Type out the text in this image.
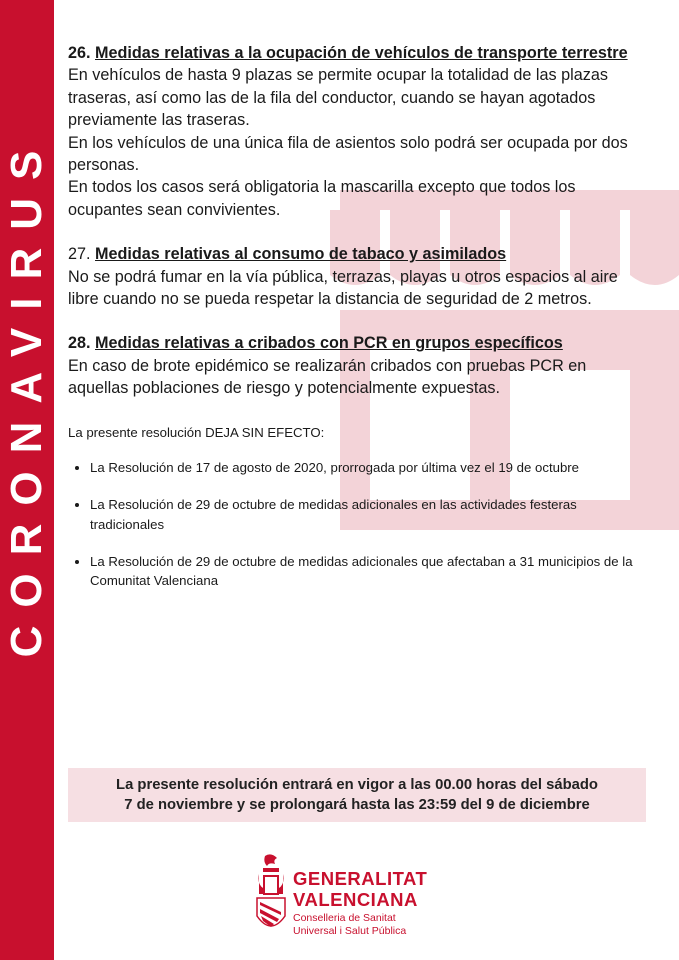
CORONAVIRUS

26. Medidas relativas a la ocupación de vehículos de transporte terrestre

En vehículos de hasta 9 plazas se permite ocupar la totalidad de las plazas traseras, así como las de la fila del conductor, cuando se hayan agotados previamente las traseras.

En los vehículos de una única fila de asientos solo podrá ser ocupada por dos personas.

En todos los casos será obligatoria la mascarilla excepto que todos los ocupantes sean convivientes.

27. Medidas relativas al consumo de tabaco y asimilados

No se podrá fumar en la vía pública, terrazas, playas u otros espacios al aire libre cuando no se pueda respetar la distancia de seguridad de 2 metros.

28. Medidas relativas a cribados con PCR en grupos específicos

En caso de brote epidémico se realizarán cribados con pruebas PCR en aquellas poblaciones de riesgo y potencialmente expuestas.

La presente resolución DEJA SIN EFECTO:

• La Resolución de 17 de agosto de 2020, prorrogada por última vez el 19 de octubre
• La Resolución de 29 de octubre de medidas adicionales en las actividades festeras tradicionales
• La Resolución de 29 de octubre de medidas adicionales que afectaban a 31 municipios de la Comunitat Valenciana
La presente resolución entrará en vigor a las 00.00 horas del sábado
7 de noviembre y se prolongará hasta las 23:59 del 9 de diciembre
GENERALITAT
VALENCIANA
Conselleria de Sanitat
Universal i Salut Pública
